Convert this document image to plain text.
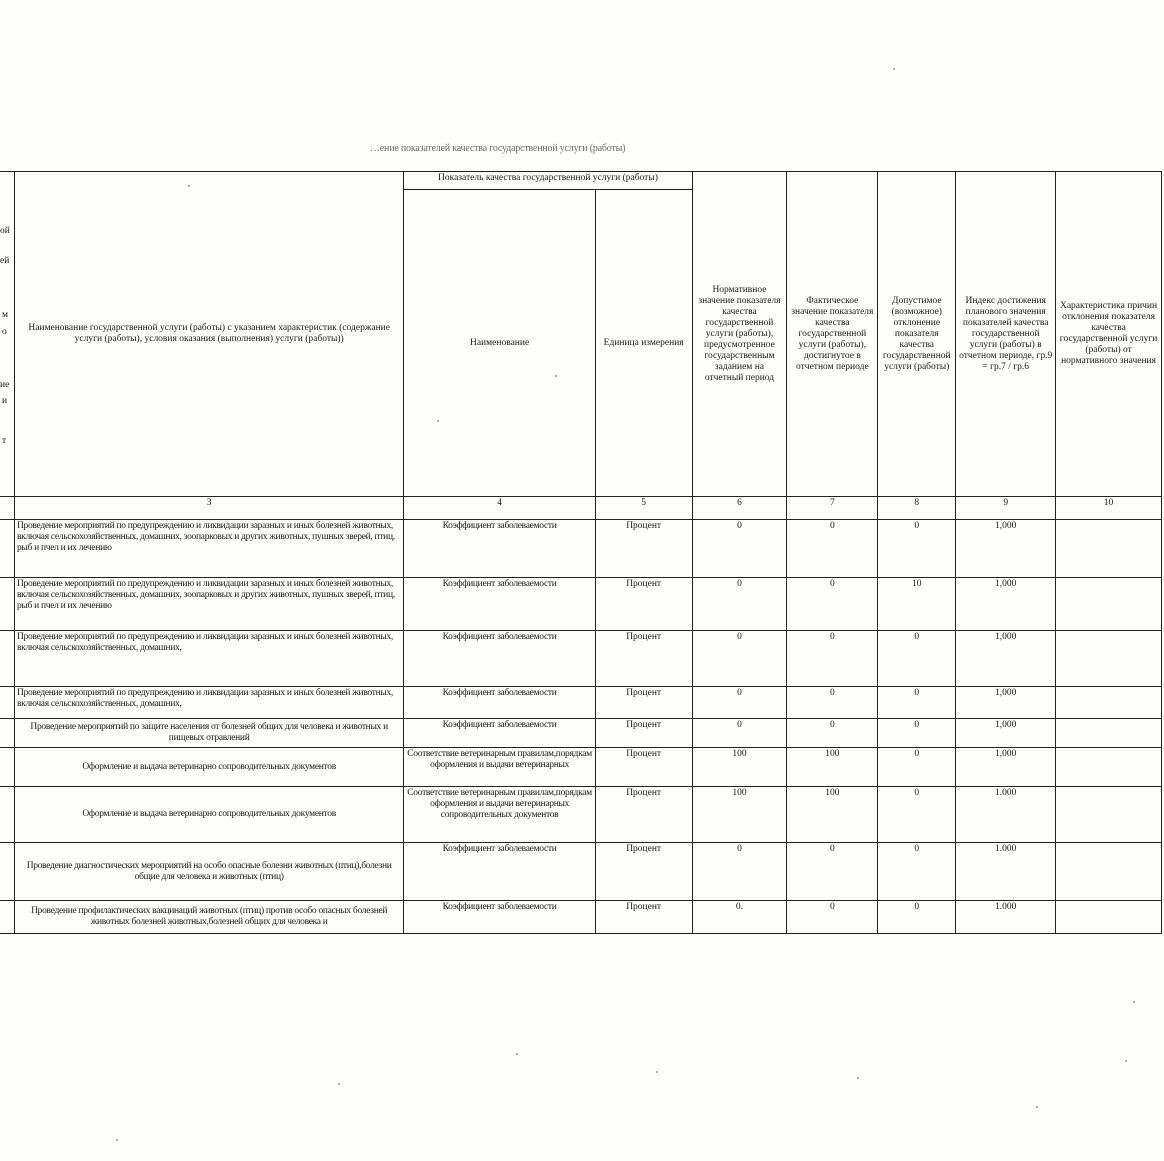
…ение показателей качества государственной услуги (работы)
ой
ей
м
о
ие
и
т
	Наименование государственной услуги (работы) с указанием характеристик (содержание услуги (работы), условия оказания (выполнения) услуги (работы))	Показатель качества государственной услуги (работы)		Нормативное значение показателя качества государственной услуги (работы), предусмотренное государственным заданием на отчетный период	Фактическое значение показателя качества государственной услуги (работы), достигнутое в отчетном периоде	Допустимое (возможное) отклонение показателя качества государственной услуги (работы)	Индекс достижения планового значения показателей качества государственной услуги (работы) в отчетном периоде, гр.9 = гр.7 / гр.6	Характеристика причин отклонения показателя качества государственной услуги (работы) от нормативного значения
		Наименование	Единица измерения					
	3	4	5	6	7	8	9	10
	Проведение мероприятий по предупреждению и ликвидации заразных и иных болезней животных, включая сельскохозяйственных, домашних, зоопарковых и других животных, пушных зверей, птиц, рыб и пчел и их лечению	Коэффициент заболеваемости	Процент	0	0	0	1,000	
	Проведение мероприятий по предупреждению и ликвидации заразных и иных болезней животных, включая сельскохозяйственных, домашних, зоопарковых и других животных, пушных зверей, птиц, рыб и пчел и их лечению	Коэффициент заболеваемости	Процент	0	0	10	1,000	
	Проведение мероприятий по предупреждению и ликвидации заразных и иных болезней животных, включая сельскохозяйственных, домашних,	Коэффициент заболеваемости	Процент	0	0	0	1,000	
	Проведение мероприятий по предупреждению и ликвидации заразных и иных болезней животных, включая сельскохозяйственных, домашних,	Коэффициент заболеваемости	Процент	0	0	0	1,000	
	Проведение мероприятий по защите населения от болезней общих для человека и животных и пищевых отравлений	Коэффициент заболеваемости	Процент	0	0	0	1,000	
	Оформление и выдача ветеринарно сопроводительных документов	Соответствие ветеринарным правилам,порядкам оформления и выдачи ветеринарных	Процент	100	100	0	1,000	
	Оформление и выдача ветеринарно сопроводительных документов	Соответствие ветеринарным правилам,порядкам оформления и выдачи ветеринарных сопроводительных документов	Процент	100	100	0	1.000	
	Проведение диагностических мероприятий на особо опасные болезни животных (птиц),болезни общие для человека и животных (птиц)	Коэффициент заболеваемости	Процент	0	0	0	1.000	
	Проведение профилактических вакцинаций животных (птиц) против особо опасных болезней животных болезней животных,болезней общих для человека и	Коэффициент заболеваемости	Процент	0.	0	0	1.000	
